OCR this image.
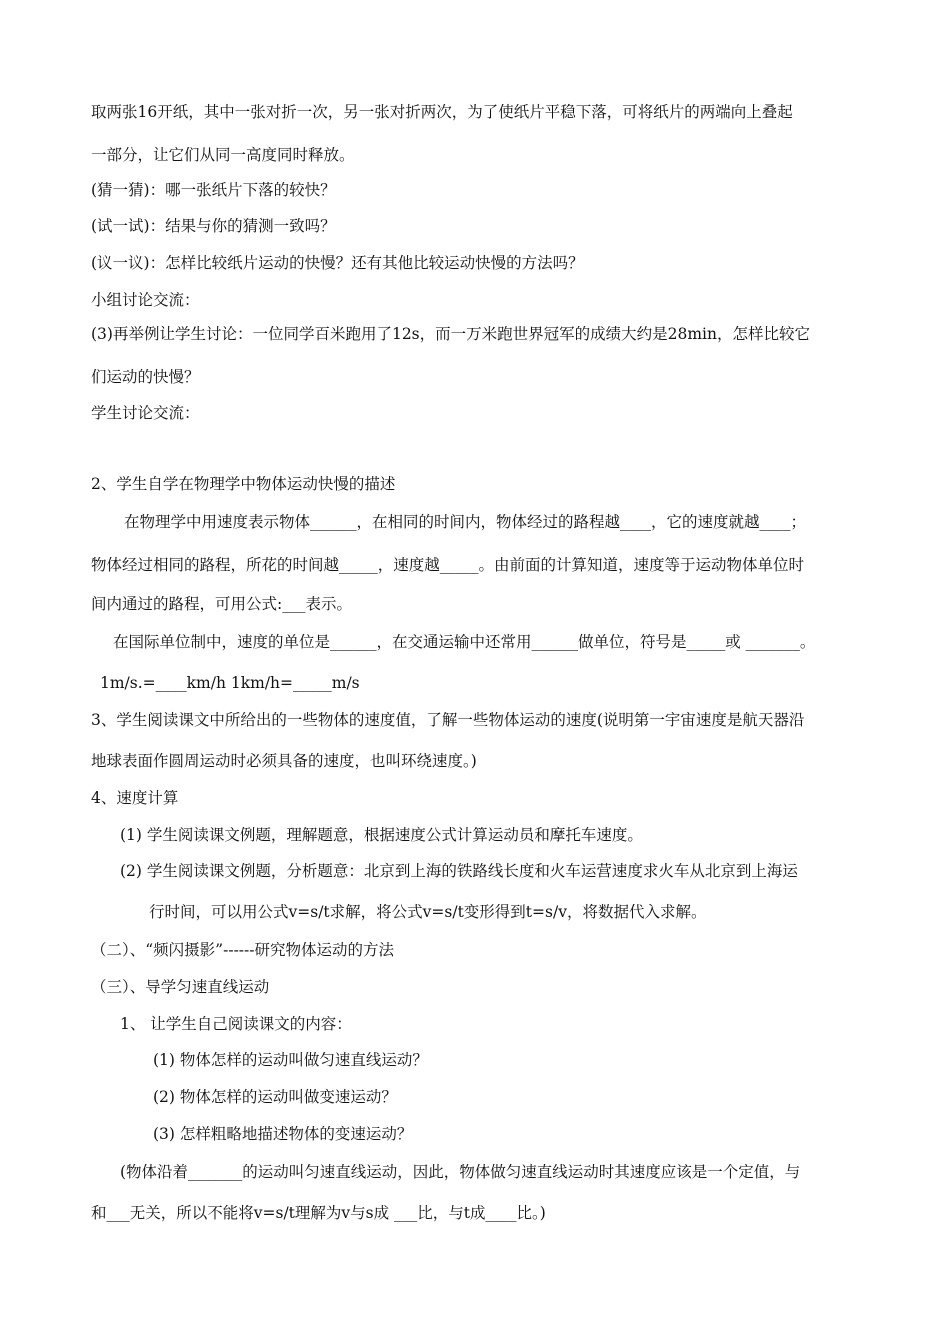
取两张16开纸，其中一张对折一次，另一张对折两次，为了使纸片平稳下落，可将纸片的两端向上叠起
一部分，让它们从同一高度同时释放。
(猜一猜)：哪一张纸片下落的较快？
(试一试)：结果与你的猜测一致吗？
(议一议)：怎样比较纸片运动的快慢？还有其他比较运动快慢的方法吗？
小组讨论交流：
(3)再举例让学生讨论：一位同学百米跑用了12s，而一万米跑世界冠军的成绩大约是28min，怎样比较它
们运动的快慢？
学生讨论交流：
2、学生自学在物理学中物体运动快慢的描述
在物理学中用速度表示物体______，在相同的时间内，物体经过的路程越____，它的速度就越____；
物体经过相同的路程，所花的时间越_____，速度越_____。由前面的计算知道，速度等于运动物体单位时
间内通过的路程，可用公式:___表示。
在国际单位制中，速度的单位是______，在交通运输中还常用______做单位，符号是_____或 _______。
1m/s.=____km/h 1km/h=_____m/s
3、学生阅读课文中所给出的一些物体的速度值，了解一些物体运动的速度(说明第一宇宙速度是航天器沿
地球表面作圆周运动时必须具备的速度，也叫环绕速度。)
4、速度计算
(1) 学生阅读课文例题，理解题意，根据速度公式计算运动员和摩托车速度。
(2) 学生阅读课文例题，分析题意：北京到上海的铁路线长度和火车运营速度求火车从北京到上海运
行时间，可以用公式v=s/t求解，将公式v=s/t变形得到t=s/v，将数据代入求解。
（二）、“频闪摄影”------研究物体运动的方法
（三）、导学匀速直线运动
1、 让学生自己阅读课文的内容：
(1) 物体怎样的运动叫做匀速直线运动？
(2) 物体怎样的运动叫做变速运动？
(3) 怎样粗略地描述物体的变速运动？
(物体沿着_______的运动叫匀速直线运动，因此，物体做匀速直线运动时其速度应该是一个定值，与
和___无关，所以不能将v=s/t理解为v与s成 ___比，与t成____比。)
